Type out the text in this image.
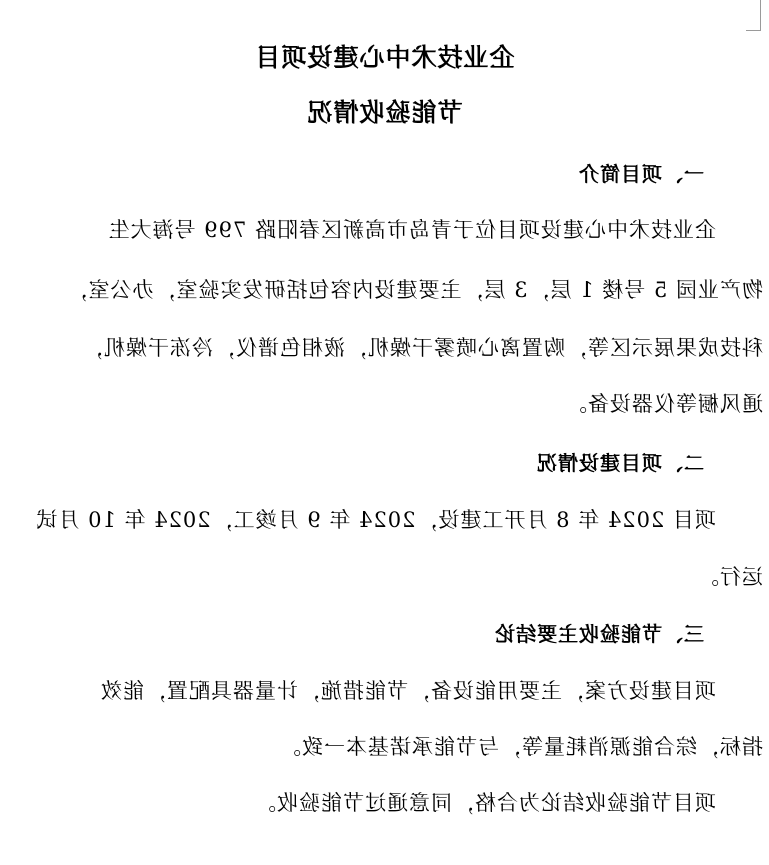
企业技术中心建设项目
节能验收情况
一、项目简介
企业技术中心建设项目位于青岛市高新区春阳路 799 号海大生
物产业园 5 号楼 1 层，3 层，主要建设内容包括研发实验室，办公室，
科技成果展示区等，购置离心喷雾干燥机，液相色谱仪，冷冻干燥机，
通风橱等仪器设备。
二、项目建设情况
项目 2024 年 8 月开工建设，2024 年 9 月竣工，2024 年 10 月试
运行。
三、节能验收主要结论
项目建设方案，主要用能设备，节能措施，计量器具配置，能效
指标，综合能源消耗量等，与节能承诺基本一致。
项目节能验收结论为合格，同意通过节能验收。
